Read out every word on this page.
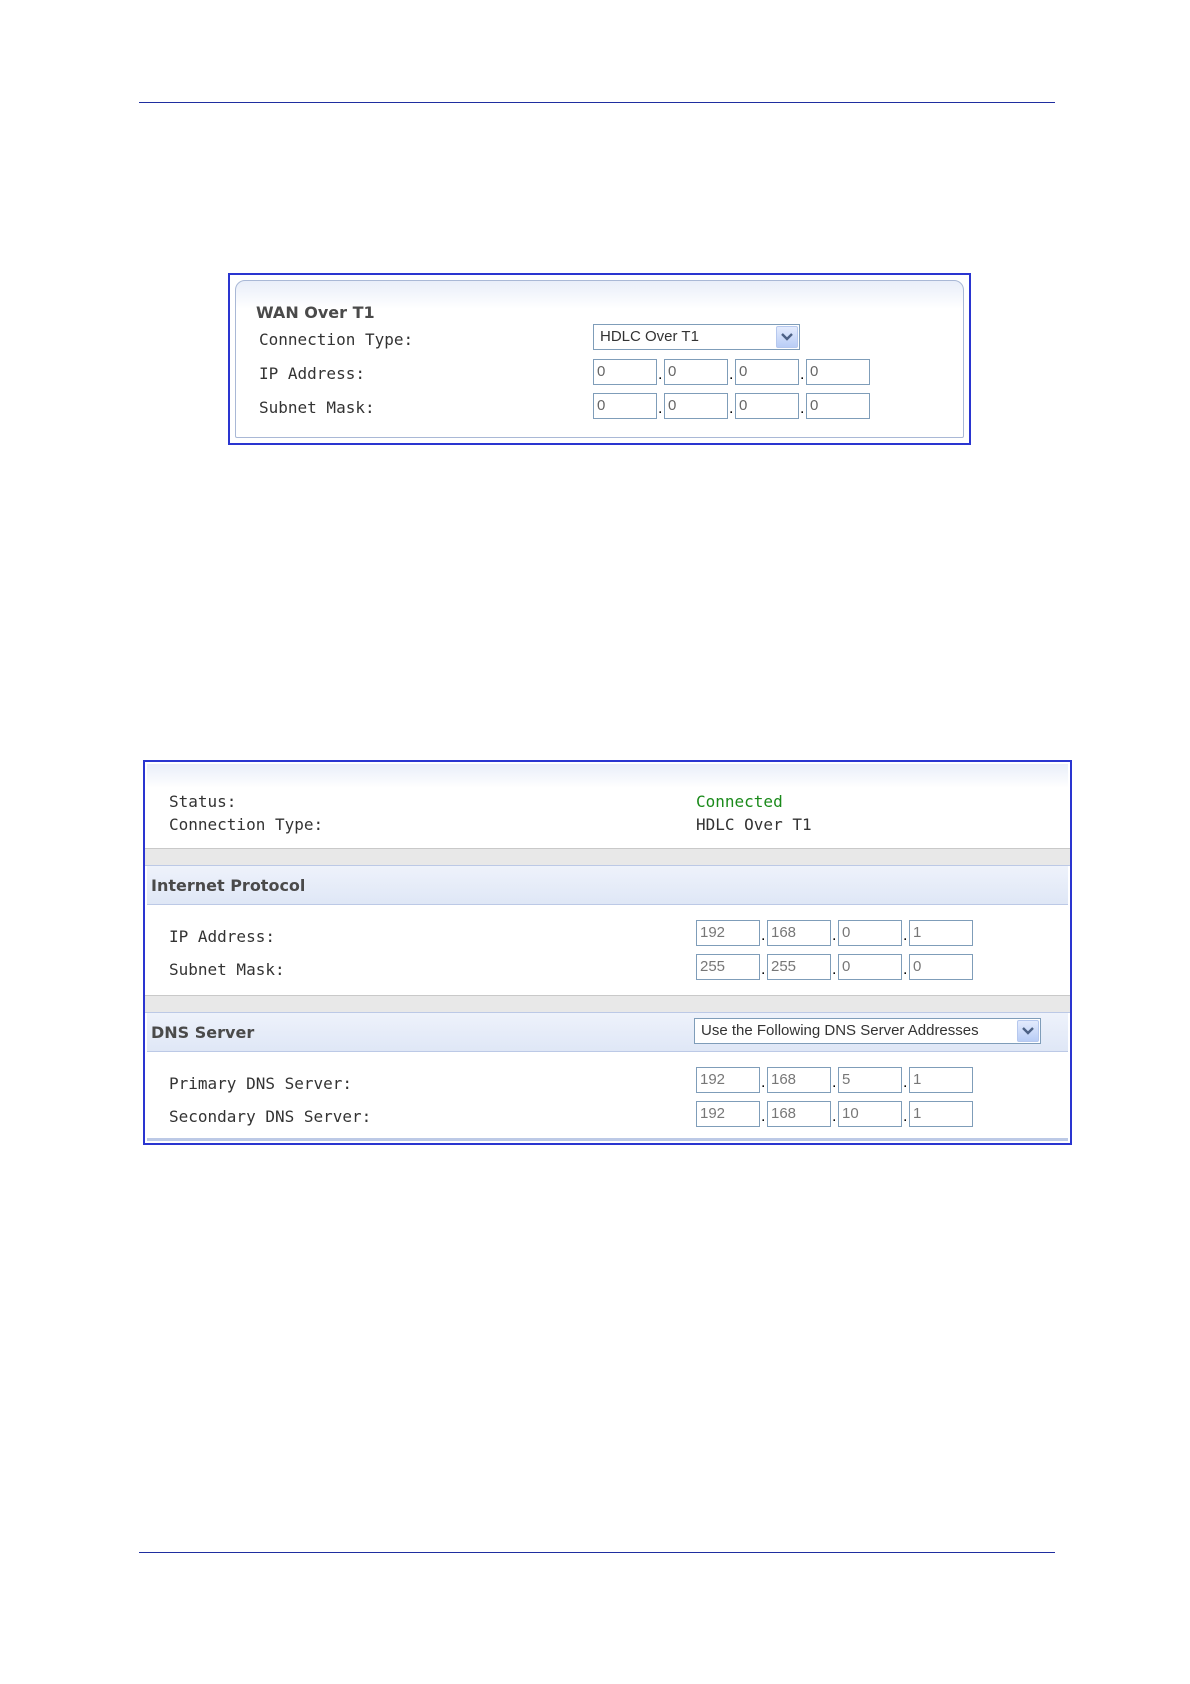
WAN Over T1
Connection Type:	HDLC Over T1
IP Address:	0	. 0	. 0	. 0
Subnet Mask:	0	. 0	. 0	. 0
Status:	Connected
Connection Type:	HDLC Over T1
Internet Protocol
IP Address:	192	. 168	. 0	. 1
Subnet Mask:	255	. 255	. 0	. 0
DNS Server	Use the Following DNS Server Addresses
Primary DNS Server:	192	. 168	. 5	. 1
Secondary DNS Server:	192	. 168	. 10	. 1
